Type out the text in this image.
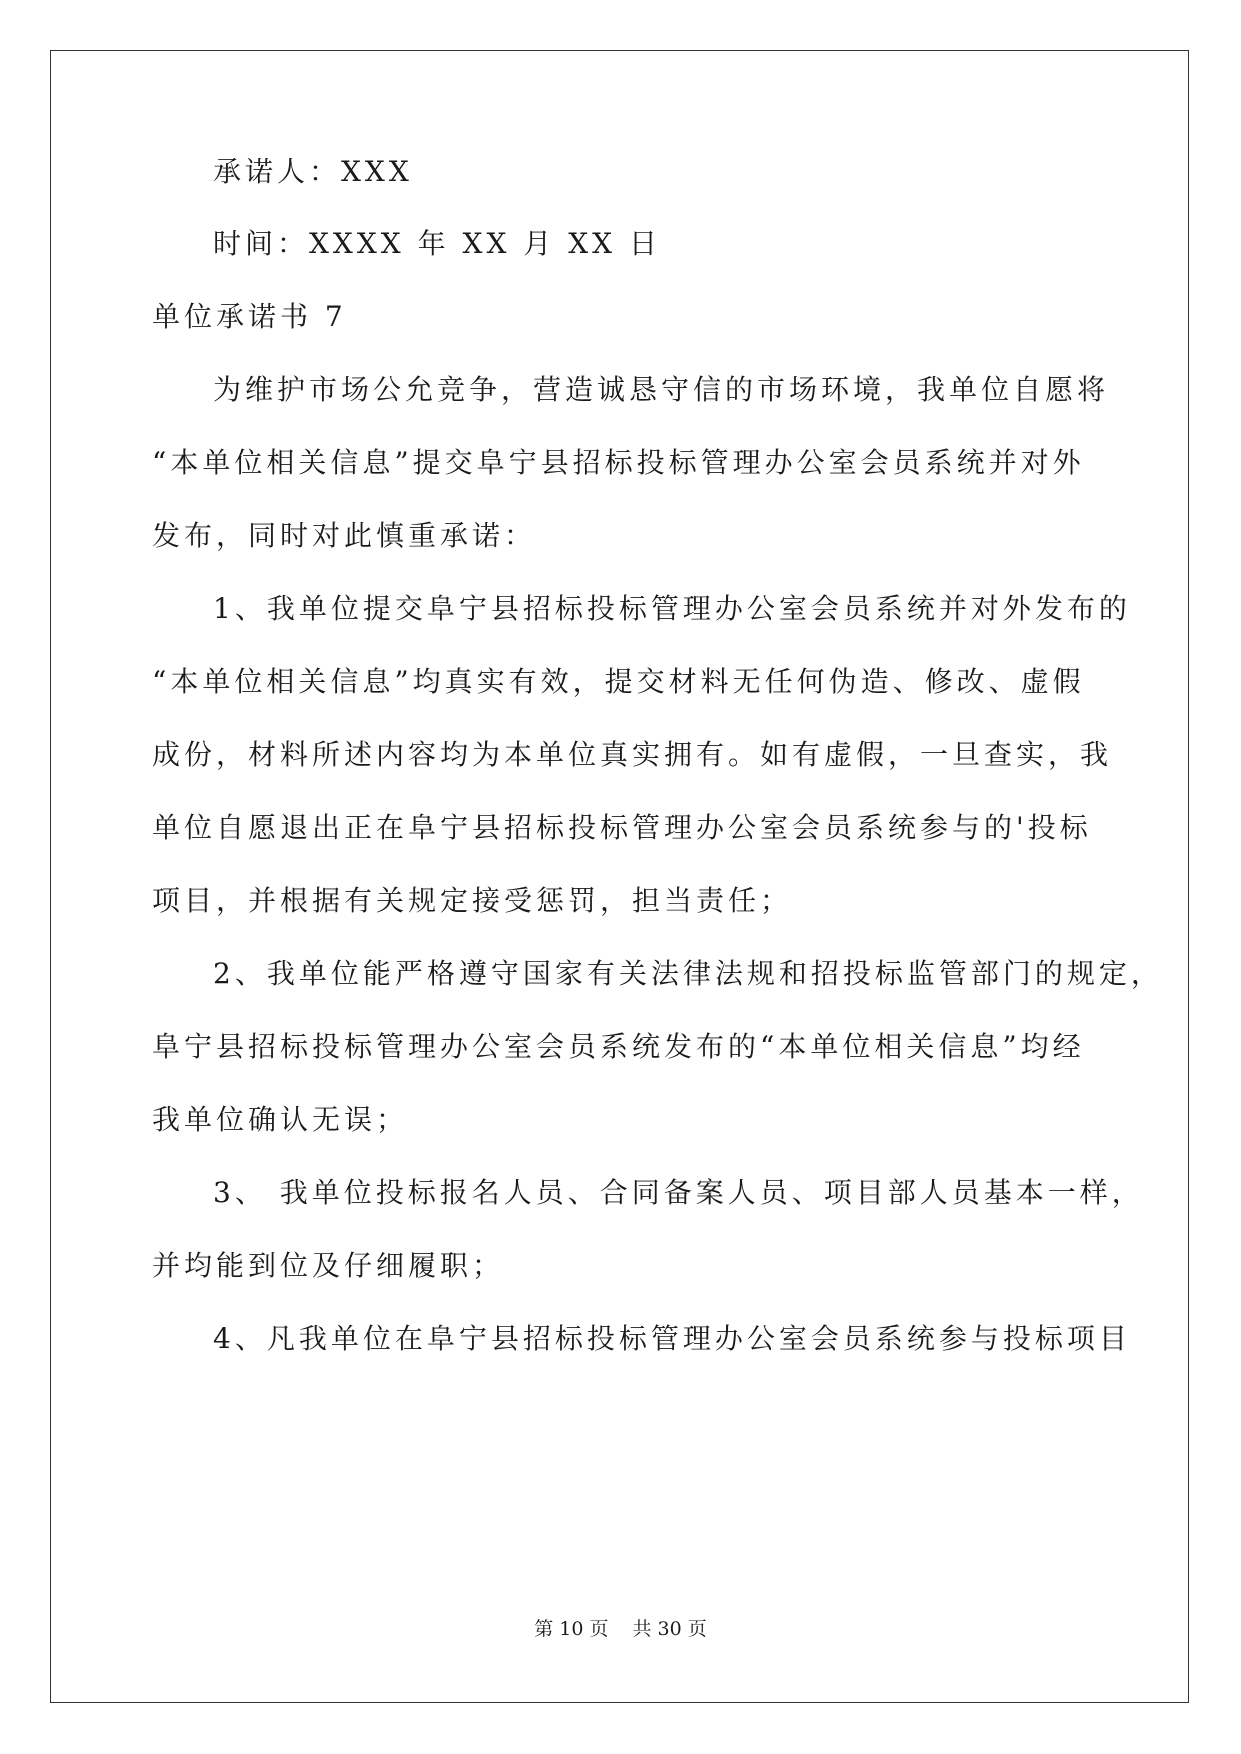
承诺人：XXX
时间：XXXX 年 XX 月 XX 日
单位承诺书 7
为维护市场公允竞争，营造诚恳守信的市场环境，我单位自愿将
“本单位相关信息”提交阜宁县招标投标管理办公室会员系统并对外
发布，同时对此慎重承诺：
1、我单位提交阜宁县招标投标管理办公室会员系统并对外发布的
“本单位相关信息”均真实有效，提交材料无任何伪造、修改、虚假
成份，材料所述内容均为本单位真实拥有。如有虚假，一旦查实，我
单位自愿退出正在阜宁县招标投标管理办公室会员系统参与的'投标
项目，并根据有关规定接受惩罚，担当责任；
2、我单位能严格遵守国家有关法律法规和招投标监管部门的规定，
阜宁县招标投标管理办公室会员系统发布的“本单位相关信息”均经
我单位确认无误；
3、 我单位投标报名人员、合同备案人员、项目部人员基本一样，
并均能到位及仔细履职；
4、凡我单位在阜宁县招标投标管理办公室会员系统参与投标项目
第 10 页 共 30 页
